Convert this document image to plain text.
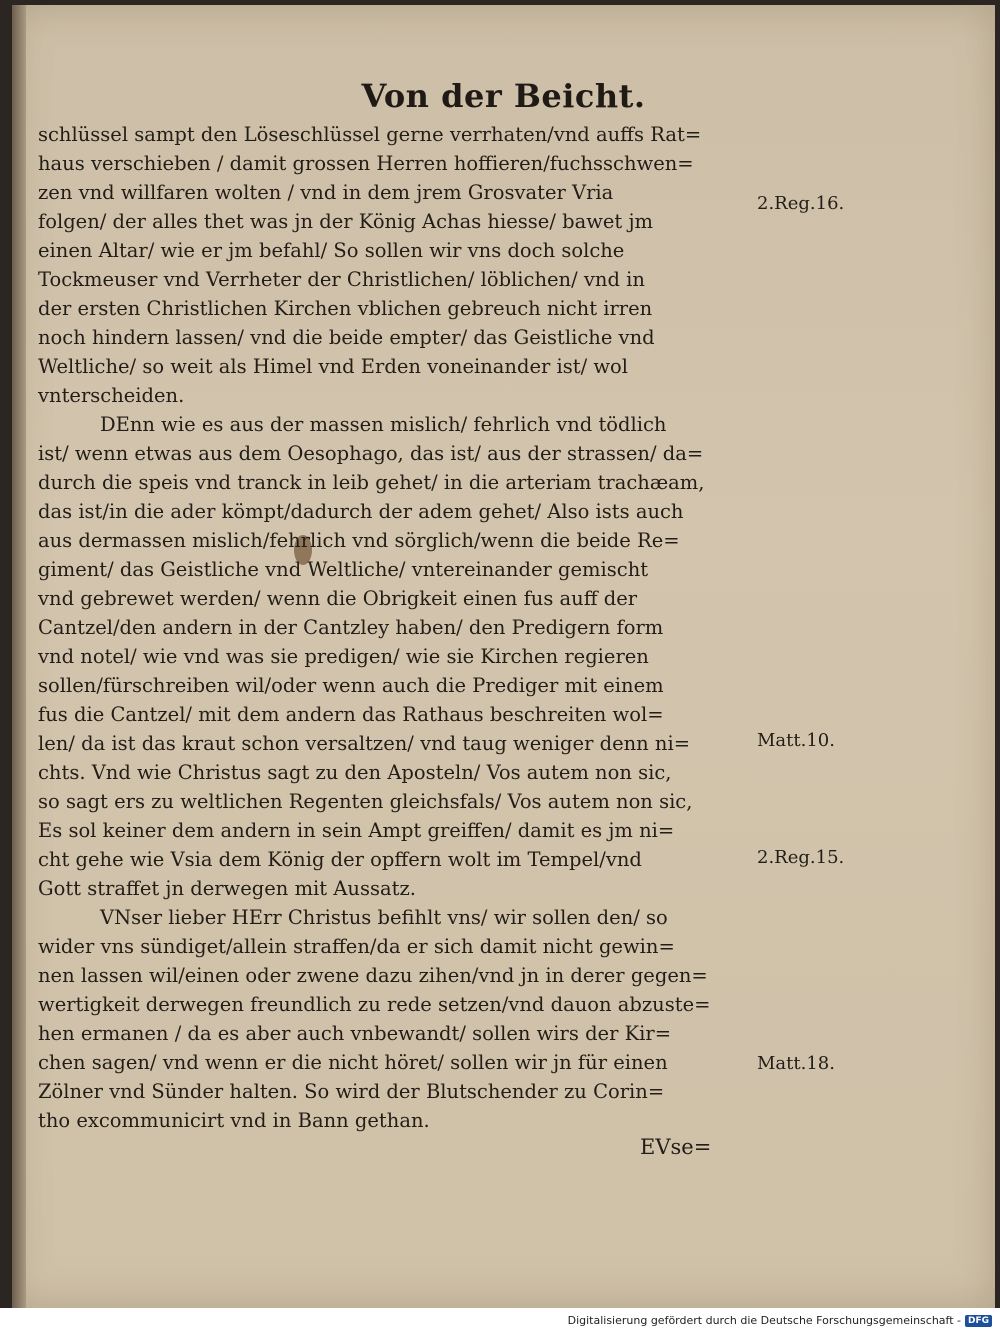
Von der Beicht.
schlüssel sampt den Löseschlüssel gerne verrhaten/vnd auffs Rat=
haus verschieben / damit grossen Herren hoffieren/fuchsschwen=
zen vnd willfaren wolten / vnd in dem jrem Grosvater Vria
folgen/ der alles thet was jn der König Achas hiesse/ bawet jm
einen Altar/ wie er jm befahl/ So sollen wir vns doch solche
Tockmeuser vnd Verrheter der Christlichen/ löblichen/ vnd in
der ersten Christlichen Kirchen vblichen gebreuch nicht irren
noch hindern lassen/ vnd die beide empter/ das Geistliche vnd
Weltliche/ so weit als Himel vnd Erden voneinander ist/ wol
vnterscheiden.
DEnn wie es aus der massen mislich/ fehrlich vnd tödlich
ist/ wenn etwas aus dem Oesophago, das ist/ aus der strassen/ da=
durch die speis vnd tranck in leib gehet/ in die arteriam trachæam,
das ist/in die ader kömpt/dadurch der adem gehet/ Also ists auch
aus dermassen mislich/fehrlich vnd sörglich/wenn die beide Re=
giment/ das Geistliche vnd Weltliche/ vntereinander gemischt
vnd gebrewet werden/ wenn die Obrigkeit einen fus auff der
Cantzel/den andern in der Cantzley haben/ den Predigern form
vnd notel/ wie vnd was sie predigen/ wie sie Kirchen regieren
sollen/fürschreiben wil/oder wenn auch die Prediger mit einem
fus die Cantzel/ mit dem andern das Rathaus beschreiten wol=
len/ da ist das kraut schon versaltzen/ vnd taug weniger denn ni=
chts. Vnd wie Christus sagt zu den Aposteln/ Vos autem non sic,
so sagt ers zu weltlichen Regenten gleichsfals/ Vos autem non sic,
Es sol keiner dem andern in sein Ampt greiffen/ damit es jm ni=
cht gehe wie Vsia dem König der opffern wolt im Tempel/vnd
Gott straffet jn derwegen mit Aussatz.
VNser lieber HErr Christus befihlt vns/ wir sollen den/ so
wider vns sündiget/allein straffen/da er sich damit nicht gewin=
nen lassen wil/einen oder zwene dazu zihen/vnd jn in derer gegen=
wertigkeit derwegen freundlich zu rede setzen/vnd dauon abzuste=
hen ermanen / da es aber auch vnbewandt/ sollen wirs der Kir=
chen sagen/ vnd wenn er die nicht höret/ sollen wir jn für einen
Zölner vnd Sünder halten. So wird der Blutschender zu Corin=
tho excommunicirt vnd in Bann gethan.
2.Reg.16.
Matt.10.
2.Reg.15.
Matt.18.
EVse=
Digitalisierung gefördert durch die Deutsche Forschungsgemeinschaft - DFG
